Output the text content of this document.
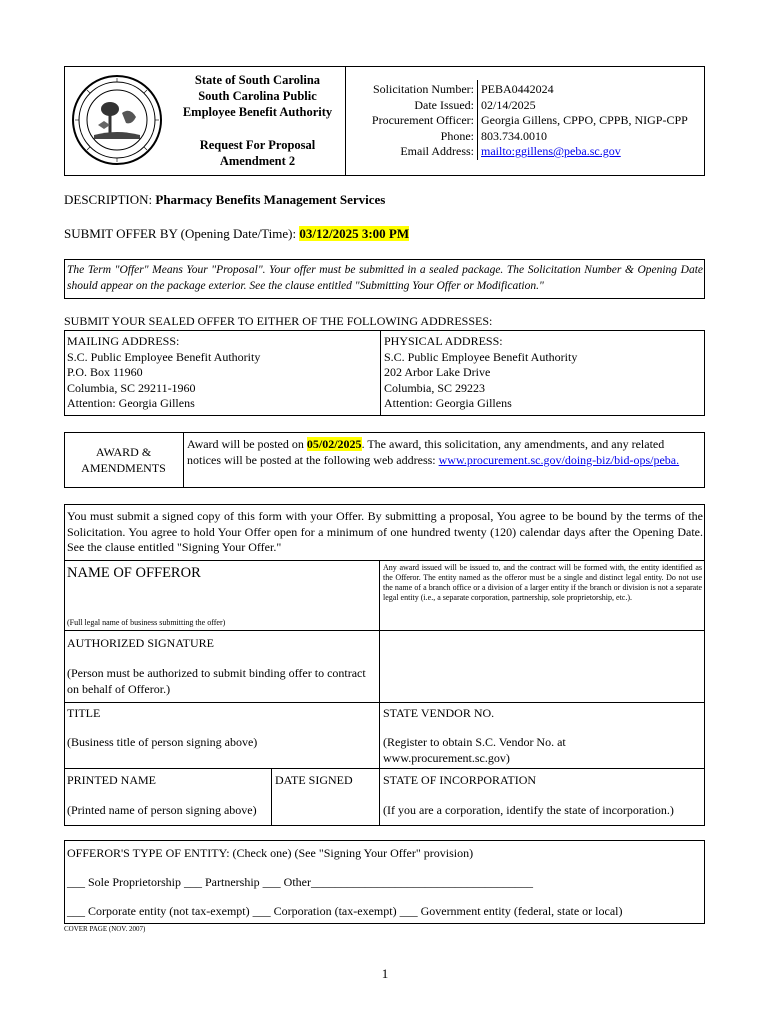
State of South Carolina
South Carolina Public
Employee Benefit Authority
Request For Proposal
Amendment 2
Solicitation Number:
Date Issued:
Procurement Officer:
Phone:
Email Address:
PEBA0442024
02/14/2025
Georgia Gillens, CPPO, CPPB, NIGP-CPP
803.734.0010
mailto:ggillens@peba.sc.gov
DESCRIPTION: Pharmacy Benefits Management Services
SUBMIT OFFER BY (Opening Date/Time): 03/12/2025 3:00 PM
The Term "Offer" Means Your "Proposal". Your offer must be submitted in a sealed package. The Solicitation Number & Opening Date should appear on the package exterior. See the clause entitled "Submitting Your Offer or Modification."
SUBMIT YOUR SEALED OFFER TO EITHER OF THE FOLLOWING ADDRESSES:
MAILING ADDRESS:
S.C. Public Employee Benefit Authority
P.O. Box 11960
Columbia, SC 29211-1960
Attention: Georgia Gillens
PHYSICAL ADDRESS:
S.C. Public Employee Benefit Authority
202 Arbor Lake Drive
Columbia, SC 29223
Attention: Georgia Gillens
AWARD &
AMENDMENTS
Award will be posted on 05/02/2025. The award, this solicitation, any amendments, and any related notices will be posted at the following web address: www.procurement.sc.gov/doing-biz/bid-ops/peba.
You must submit a signed copy of this form with your Offer. By submitting a proposal, You agree to be bound by the terms of the Solicitation. You agree to hold Your Offer open for a minimum of one hundred twenty (120) calendar days after the Opening Date. See the clause entitled "Signing Your Offer."
NAME OF OFFEROR
(Full legal name of business submitting the offer)
Any award issued will be issued to, and the contract will be formed with, the entity identified as the Offeror. The entity named as the offeror must be a single and distinct legal entity. Do not use the name of a branch office or a division of a larger entity if the branch or division is not a separate legal entity (i.e., a separate corporation, partnership, sole proprietorship, etc.).
AUTHORIZED SIGNATURE
(Person must be authorized to submit binding offer to contract on behalf of Offeror.)
TITLE
(Business title of person signing above)
STATE VENDOR NO.
(Register to obtain S.C. Vendor No. at www.procurement.sc.gov)
PRINTED NAME	DATE SIGNED
(Printed name of person signing above)
STATE OF INCORPORATION
(If you are a corporation, identify the state of incorporation.)
OFFEROR'S TYPE OF ENTITY: (Check one) (See "Signing Your Offer" provision)
___ Sole Proprietorship ___ Partnership ___ Other_____________________________________
___ Corporate entity (not tax-exempt) ___ Corporation (tax-exempt) ___ Government entity (federal, state or local)
COVER PAGE (NOV. 2007)
1
